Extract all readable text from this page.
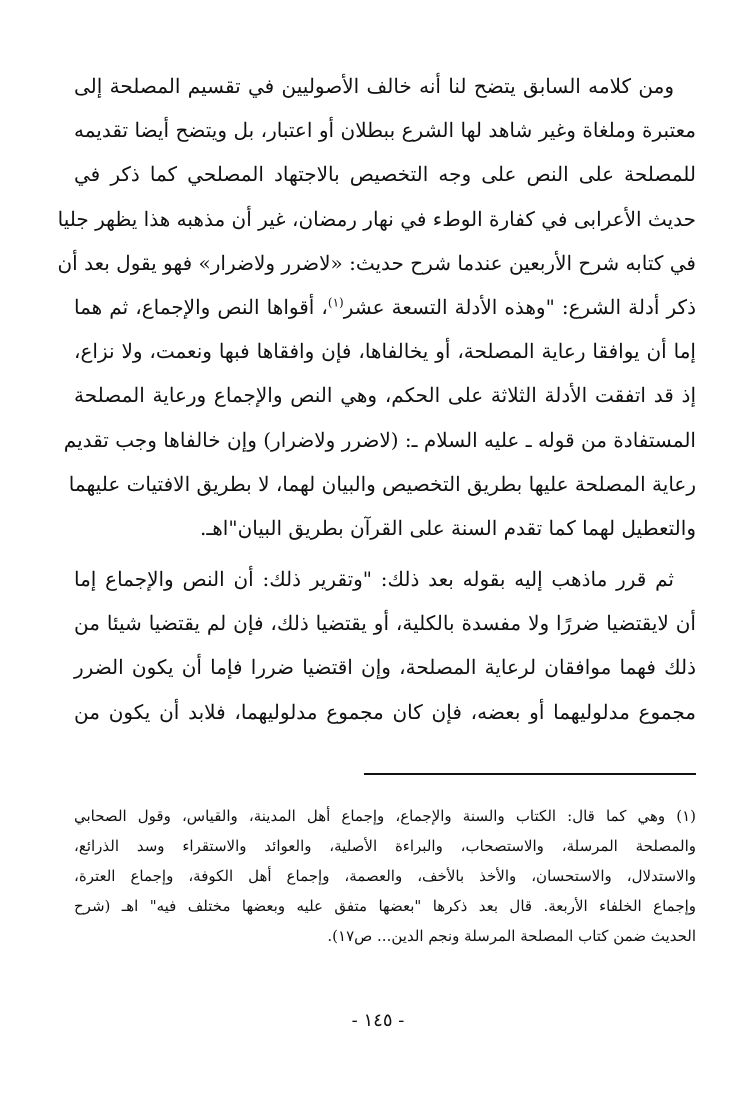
ومن كلامه السابق يتضح لنا أنه خالف الأصوليين في تقسيم المصلحة إلى
معتبرة وملغاة وغير شاهد لها الشرع ببطلان أو اعتبار، بل ويتضح أيضا تقديمه
للمصلحة على النص على وجه التخصيص بالاجتهاد المصلحي كما ذكر في
حديث الأعرابى في كفارة الوطء في نهار رمضان، غير أن مذهبه هذا يظهر جليا
في كتابه شرح الأربعين عندما شرح حديث: «لاضرر ولاضرار» فهو يقول بعد أن
ذكر أدلة الشرع: "وهذه الأدلة التسعة عشر$^{(١)}$، أقواها النص والإجماع، ثم هما
إما أن يوافقا رعاية المصلحة، أو يخالفاها، فإن وافقاها فبها ونعمت، ولا نزاع،
إذ قد اتفقت الأدلة الثلاثة على الحكم، وهي النص والإجماع ورعاية المصلحة
المستفادة من قوله ـ عليه السلام ـ: (لاضرر ولاضرار) وإن خالفاها وجب تقديم
رعاية المصلحة عليها بطريق التخصيص والبيان لهما، لا بطريق الافتيات عليهما
والتعطيل لهما كما تقدم السنة على القرآن بطريق البيان"اهـ.
ثم قرر ماذهب إليه بقوله بعد ذلك: "وتقرير ذلك: أن النص والإجماع إما
أن لايقتضيا ضررًا ولا مفسدة بالكلية، أو يقتضيا ذلك، فإن لم يقتضيا شيئا من
ذلك فهما موافقان لرعاية المصلحة، وإن اقتضيا ضررا فإما أن يكون الضرر
مجموع مدلوليهما أو بعضه، فإن كان مجموع مدلوليهما، فلابد أن يكون من
(١) وهي كما قال: الكتاب والسنة والإجماع، وإجماع أهل المدينة، والقياس، وقول الصحابي
والمصلحة المرسلة، والاستصحاب، والبراءة الأصلية، والعوائد والاستقراء وسد الذرائع،
والاستدلال، والاستحسان، والأخذ بالأخف، والعصمة، وإجماع أهل الكوفة، وإجماع العترة،
وإجماع الخلفاء الأربعة. قال بعد ذكرها "بعضها متفق عليه وبعضها مختلف فيه" اهـ (شرح
الحديث ضمن كتاب المصلحة المرسلة ونجم الدين... ص١٧).
- ١٤٥ -
